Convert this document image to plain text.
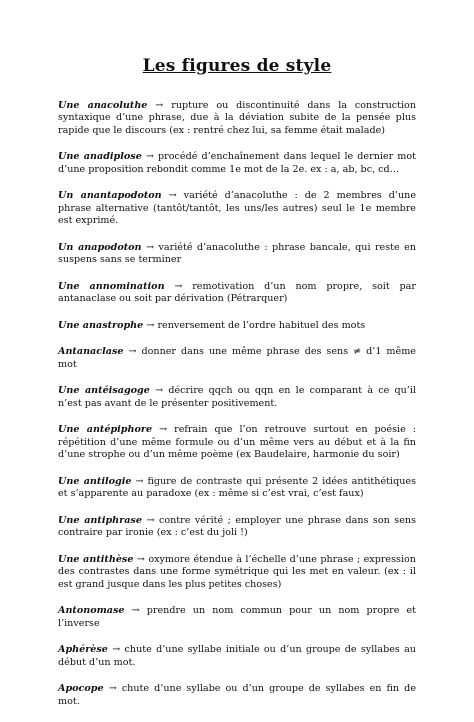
Les figures de style

Une anacoluthe → rupture ou discontinuité dans la construction syntaxique d’une phrase, due à la déviation subite de la pensée plus rapide que le discours (ex : rentré chez lui, sa femme était malade)

Une anadiplose → procédé d’enchaînement dans lequel le dernier mot d’une proposition rebondit comme 1e mot de la 2e. ex : a, ab, bc, cd…

Un anantapodoton → variété d’anacoluthe : de 2 membres d’une phrase alternative (tantôt/tantôt, les uns/les autres) seul le 1e membre est exprimé.

Un anapodoton → variété d’anacoluthe : phrase bancale, qui reste en suspens sans se terminer

Une annomination → remotivation d’un nom propre, soit par antanaclase ou soit par dérivation (Pétrarquer)

Une anastrophe → renversement de l’ordre habituel des mots

Antanaclase → donner dans une même phrase des sens ≠ d’1 même mot

Une antéisagoge → décrire qqch ou qqn en le comparant à ce qu’il n’est pas avant de le présenter positivement.

Une antépiphore → refrain que l’on retrouve surtout en poésie : répétition d’une même formule ou d’un même vers au début et à la fin d’une strophe ou d’un même poème (ex Baudelaire, harmonie du soir)

Une antilogie → figure de contraste qui présente 2 idées antithétiques et s’apparente au paradoxe (ex : même si c’est vrai, c’est faux)

Une antiphrase → contre vérité ; employer une phrase dans son sens contraire par ironie (ex : c’est du joli !)

Une antithèse → oxymore étendue à l’échelle d’une phrase ; expression des contrastes dans une forme symétrique qui les met en valeur. (ex : il est grand jusque dans les plus petites choses)

Antonomase → prendre un nom commun pour un nom propre et l’inverse

Aphérèse → chute d’une syllabe initiale ou d’un groupe de syllabes au début d’un mot.

Apocope → chute d’une syllabe ou d’un groupe de syllabes en fin de mot.
